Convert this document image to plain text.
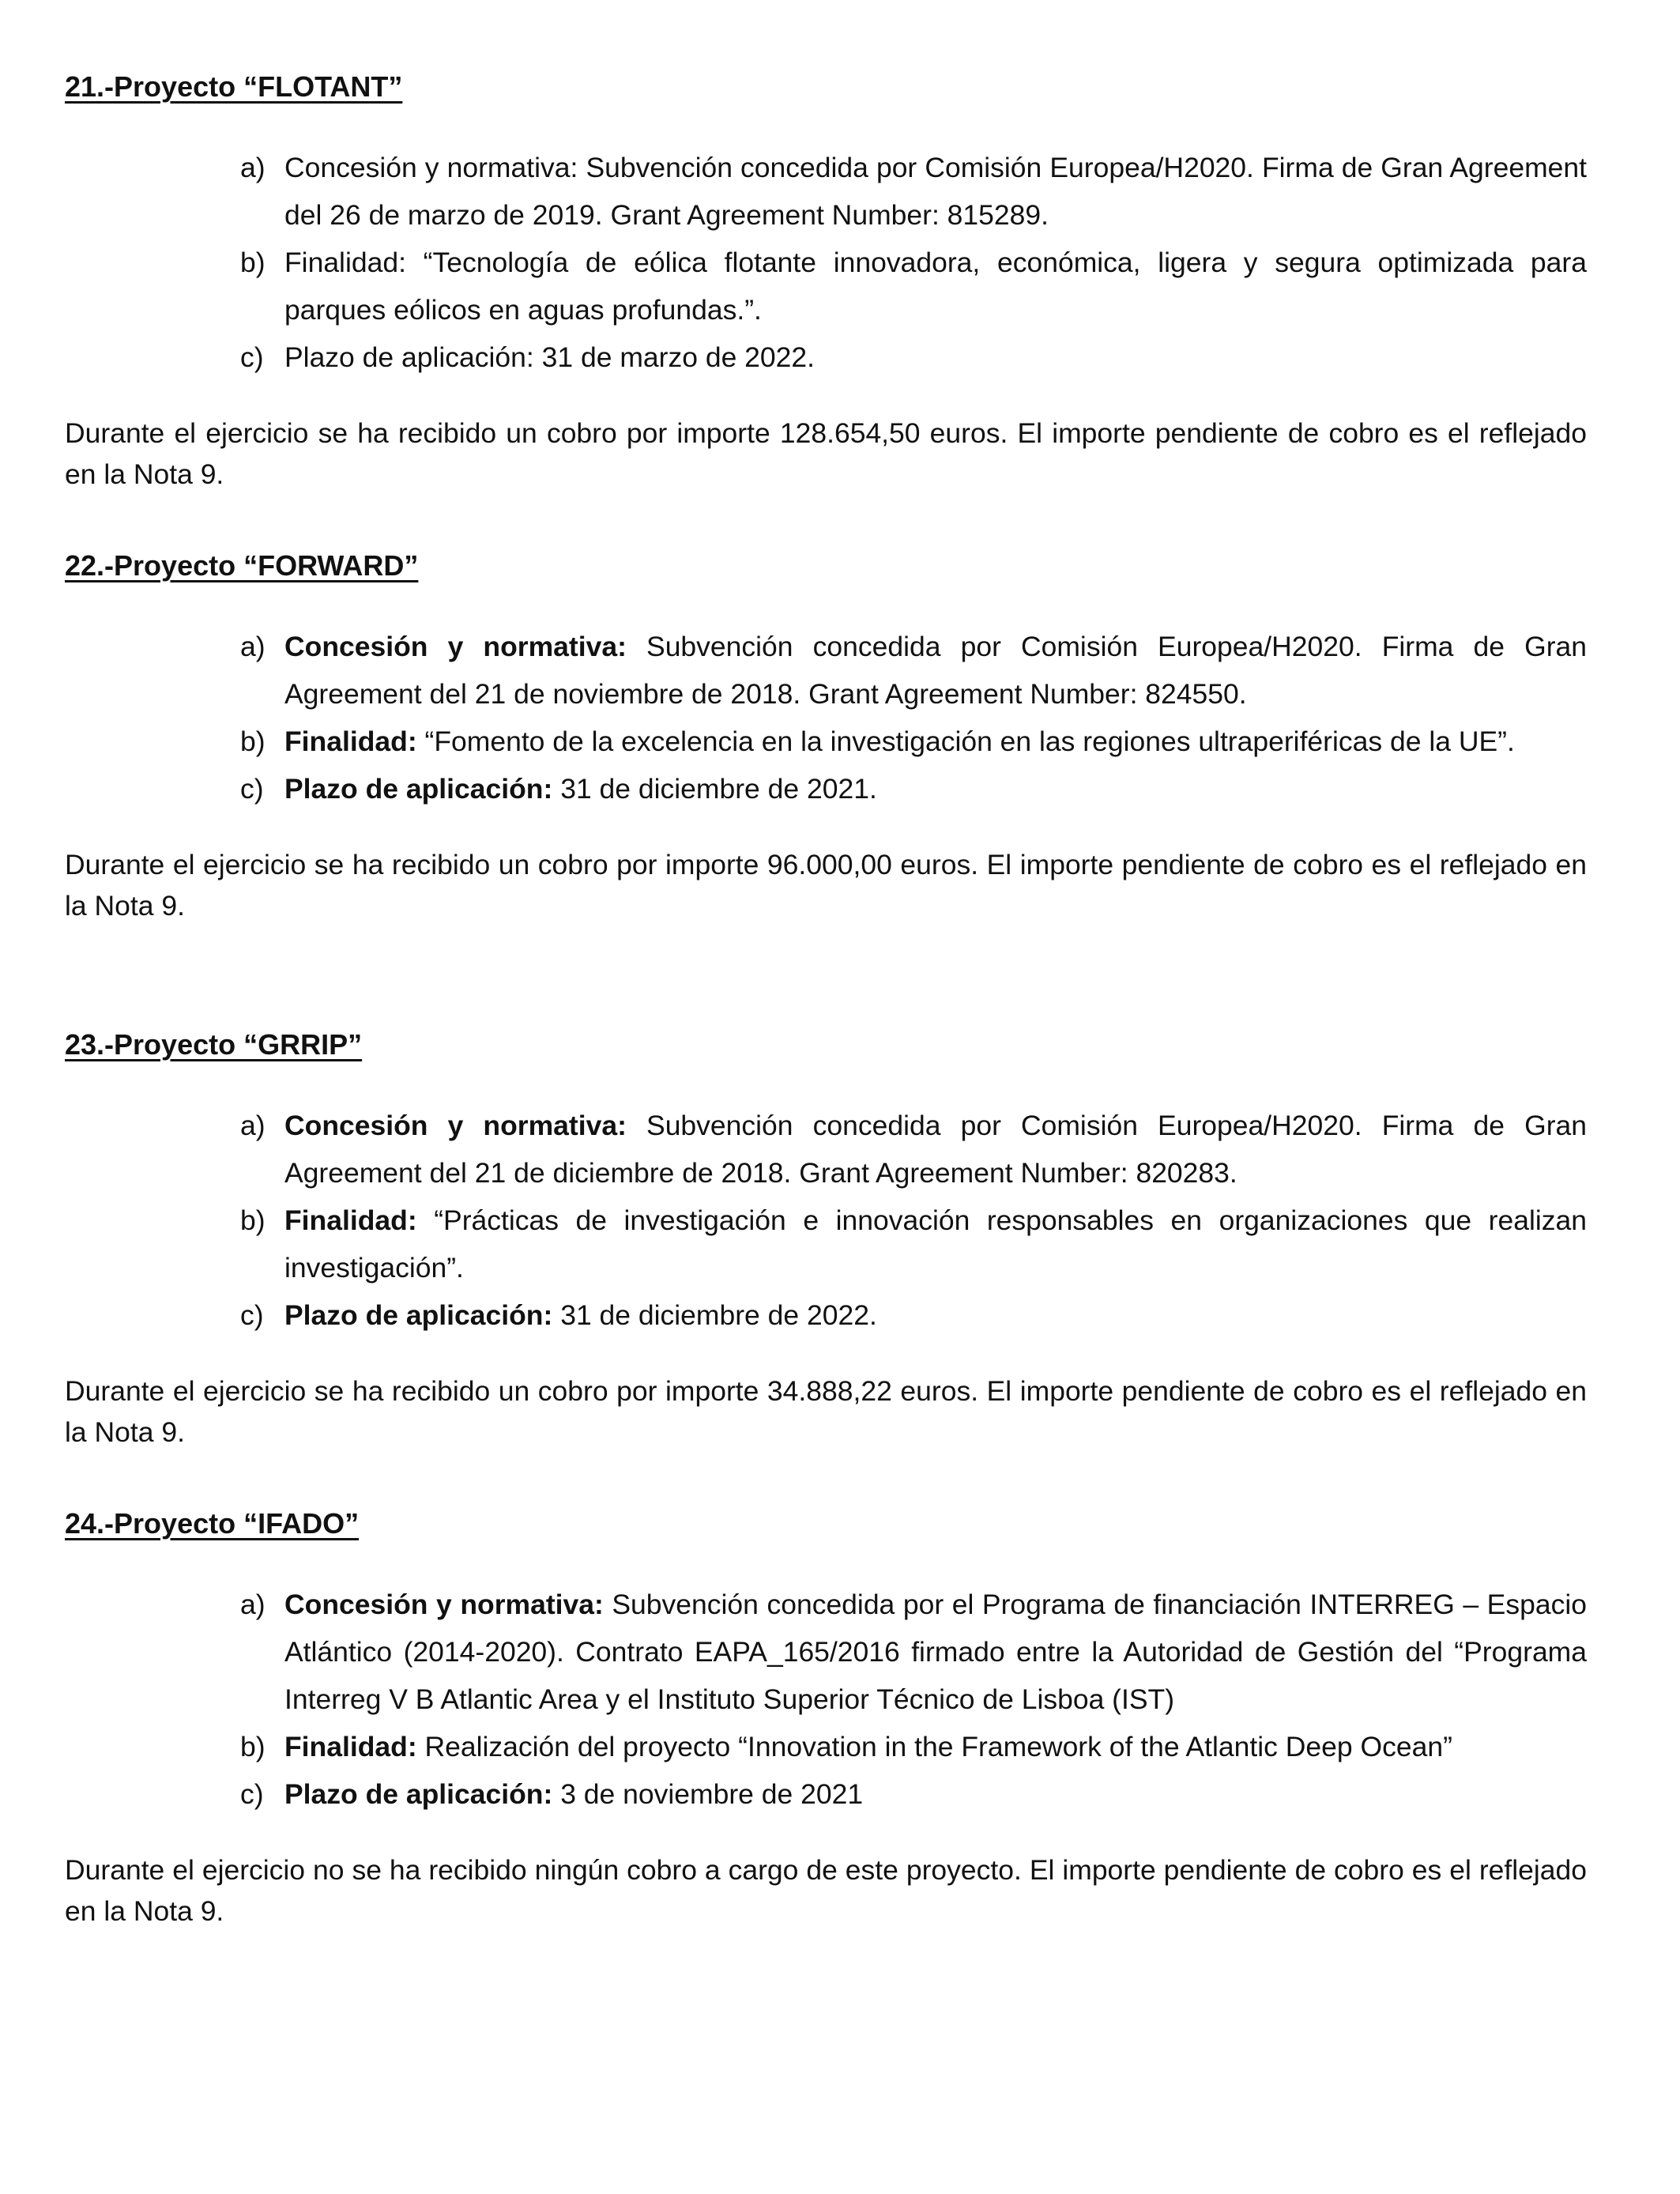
21.-Proyecto “FLOTANT”
a) Concesión y normativa: Subvención concedida por Comisión Europea/H2020. Firma de Gran Agreement del 26 de marzo de 2019. Grant Agreement Number: 815289.
b) Finalidad: “Tecnología de eólica flotante innovadora, económica, ligera y segura optimizada para parques eólicos en aguas profundas.”.
c) Plazo de aplicación: 31 de marzo de 2022.

Durante el ejercicio se ha recibido un cobro por importe 128.654,50 euros. El importe pendiente de cobro es el reflejado en la Nota 9.

22.-Proyecto “FORWARD”
a) Concesión y normativa: Subvención concedida por Comisión Europea/H2020. Firma de Gran Agreement del 21 de noviembre de 2018. Grant Agreement Number: 824550.
b) Finalidad: “Fomento de la excelencia en la investigación en las regiones ultraperiféricas de la UE”.
c) Plazo de aplicación: 31 de diciembre de 2021.

Durante el ejercicio se ha recibido un cobro por importe 96.000,00 euros. El importe pendiente de cobro es el reflejado en la Nota 9.

23.-Proyecto “GRRIP”
a) Concesión y normativa: Subvención concedida por Comisión Europea/H2020. Firma de Gran Agreement del 21 de diciembre de 2018. Grant Agreement Number: 820283.
b) Finalidad: “Prácticas de investigación e innovación responsables en organizaciones que realizan investigación”.
c) Plazo de aplicación: 31 de diciembre de 2022.

Durante el ejercicio se ha recibido un cobro por importe 34.888,22 euros. El importe pendiente de cobro es el reflejado en la Nota 9.

24.-Proyecto “IFADO”
a) Concesión y normativa: Subvención concedida por el Programa de financiación INTERREG – Espacio Atlántico (2014-2020). Contrato EAPA_165/2016 firmado entre la Autoridad de Gestión del “Programa Interreg V B Atlantic Area y el Instituto Superior Técnico de Lisboa (IST)
b) Finalidad: Realización del proyecto “Innovation in the Framework of the Atlantic Deep Ocean”
c) Plazo de aplicación: 3 de noviembre de 2021

Durante el ejercicio no se ha recibido ningún cobro a cargo de este proyecto. El importe pendiente de cobro es el reflejado en la Nota 9.
